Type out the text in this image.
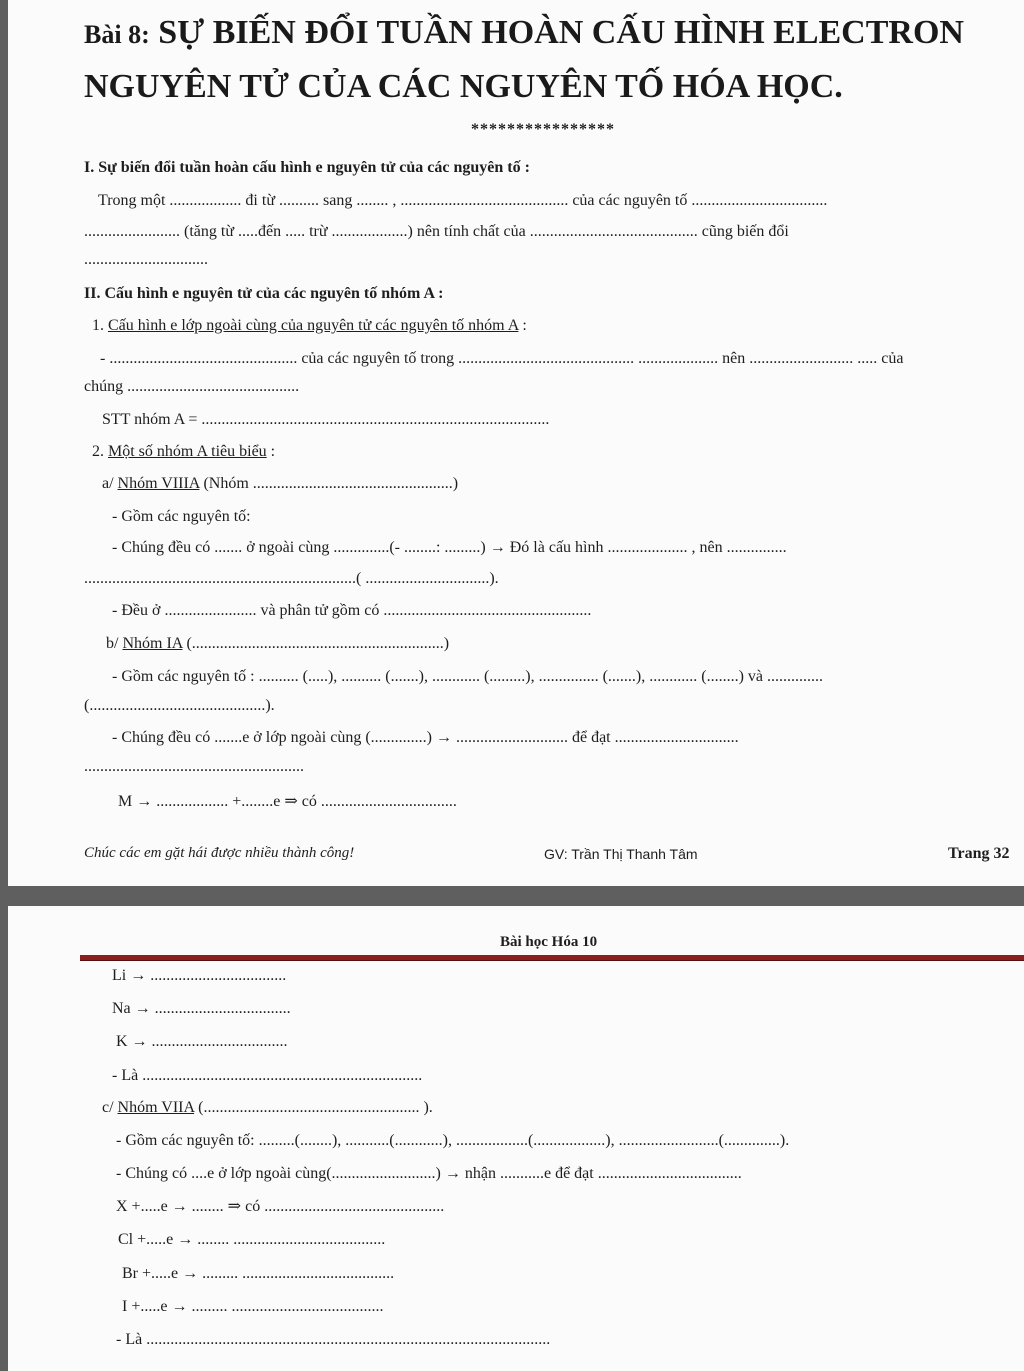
Bài 8: SỰ BIẾN ĐỔI TUẦN HOÀN CẤU HÌNH ELECTRON
NGUYÊN TỬ CỦA CÁC NGUYÊN TỐ HÓA HỌC.
****************
I. Sự biến đổi tuần hoàn cấu hình e nguyên tử của các nguyên tố :
Trong một .................. đi từ .......... sang ........ , .......................................... của các nguyên tố ..................................
........................ (tăng từ .....đến ..... trừ ...................) nên tính chất của .......................................... cũng biến đổi
...............................
II. Cấu hình e nguyên tử của các nguyên tố nhóm A :
1. Cấu hình e lớp ngoài cùng của nguyên tử các nguyên tố nhóm A :
- ............................................... của các nguyên tố trong ............................................ .................... nên .......................... ..... của
chúng ...........................................
STT nhóm A = .......................................................................................
2. Một số nhóm A tiêu biểu :
a/ Nhóm VIIIA (Nhóm ..................................................)
- Gồm các nguyên tố:
- Chúng đều có ....... ở ngoài cùng ..............(- ........: .........) → Đó là cấu hình .................... , nên ...............
....................................................................( ...............................).
- Đều ở ....................... và phân tử gồm có ....................................................
b/ Nhóm IA (...............................................................)
- Gồm các nguyên tố : .......... (.....), .......... (.......), ............ (.........), ............... (.......), ............ (........) và ..............
(............................................).
- Chúng đều có .......e ở lớp ngoài cùng (..............) → ............................ để đạt ...............................
.......................................................
M → .................. +........e ⇒ có ..................................
Chúc các em gặt hái được nhiều thành công!	GV: Trần Thị Thanh Tâm	Trang 32
Bài học Hóa 10
Li → ..................................
Na → ..................................
K → ..................................
- Là ......................................................................
c/ Nhóm VIIA (...................................................... ).
- Gồm các nguyên tố: .........(........), ...........(............), ..................(..................), .........................(..............).
- Chúng có ....e ở lớp ngoài cùng(..........................) → nhận ...........e để đạt ....................................
X +.....e → ........ ⇒ có .............................................
Cl +.....e → ........ ......................................
Br +.....e → ......... ......................................
I +.....e → ......... ......................................
- Là .....................................................................................................
